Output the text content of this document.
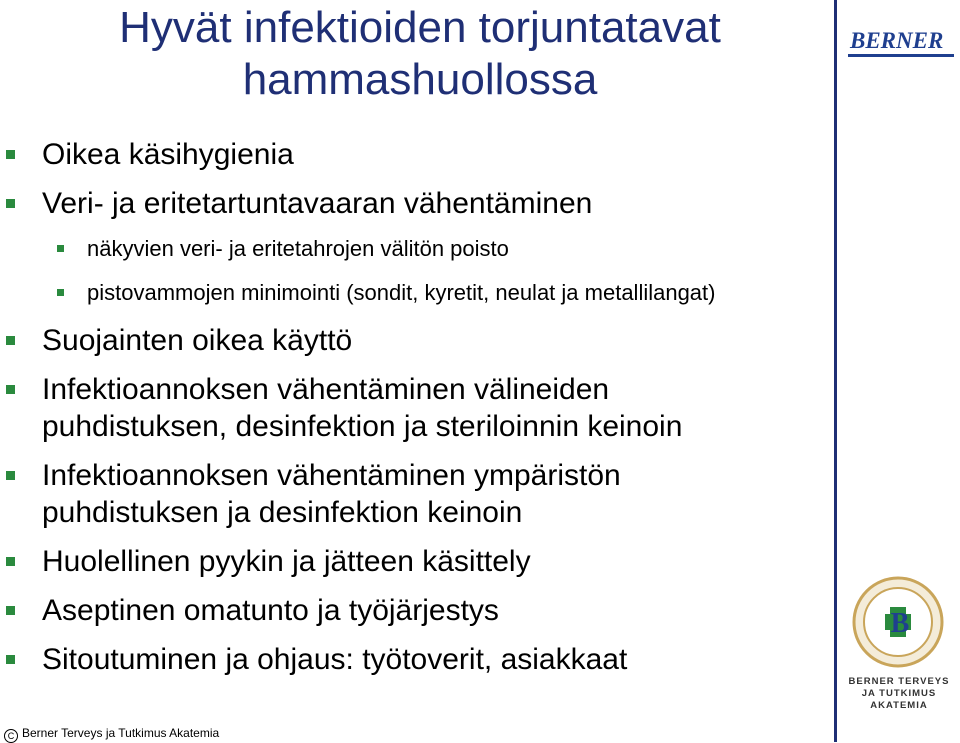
Hyvät infektioiden torjuntatavat hammashuollossa

Oikea käsihygienia

Veri- ja eritetartuntavaaran vähentäminen

näkyvien veri- ja eritetahrojen välitön poisto

pistovammojen minimointi (sondit, kyretit, neulat ja metallilangat)

Suojainten oikea käyttö

Infektioannoksen vähentäminen välineiden puhdistuksen, desinfektion ja steriloinnin keinoin

Infektioannoksen vähentäminen ympäristön puhdistuksen ja desinfektion keinoin

Huolellinen pyykin ja jätteen käsittely

Aseptinen omatunto ja työjärjestys

Sitoutuminen ja ohjaus: työtoverit, asiakkaat

BERNER
B
BERNER TERVEYS
JA TUTKIMUS
AKATEMIA
C Berner Terveys ja Tutkimus Akatemia
